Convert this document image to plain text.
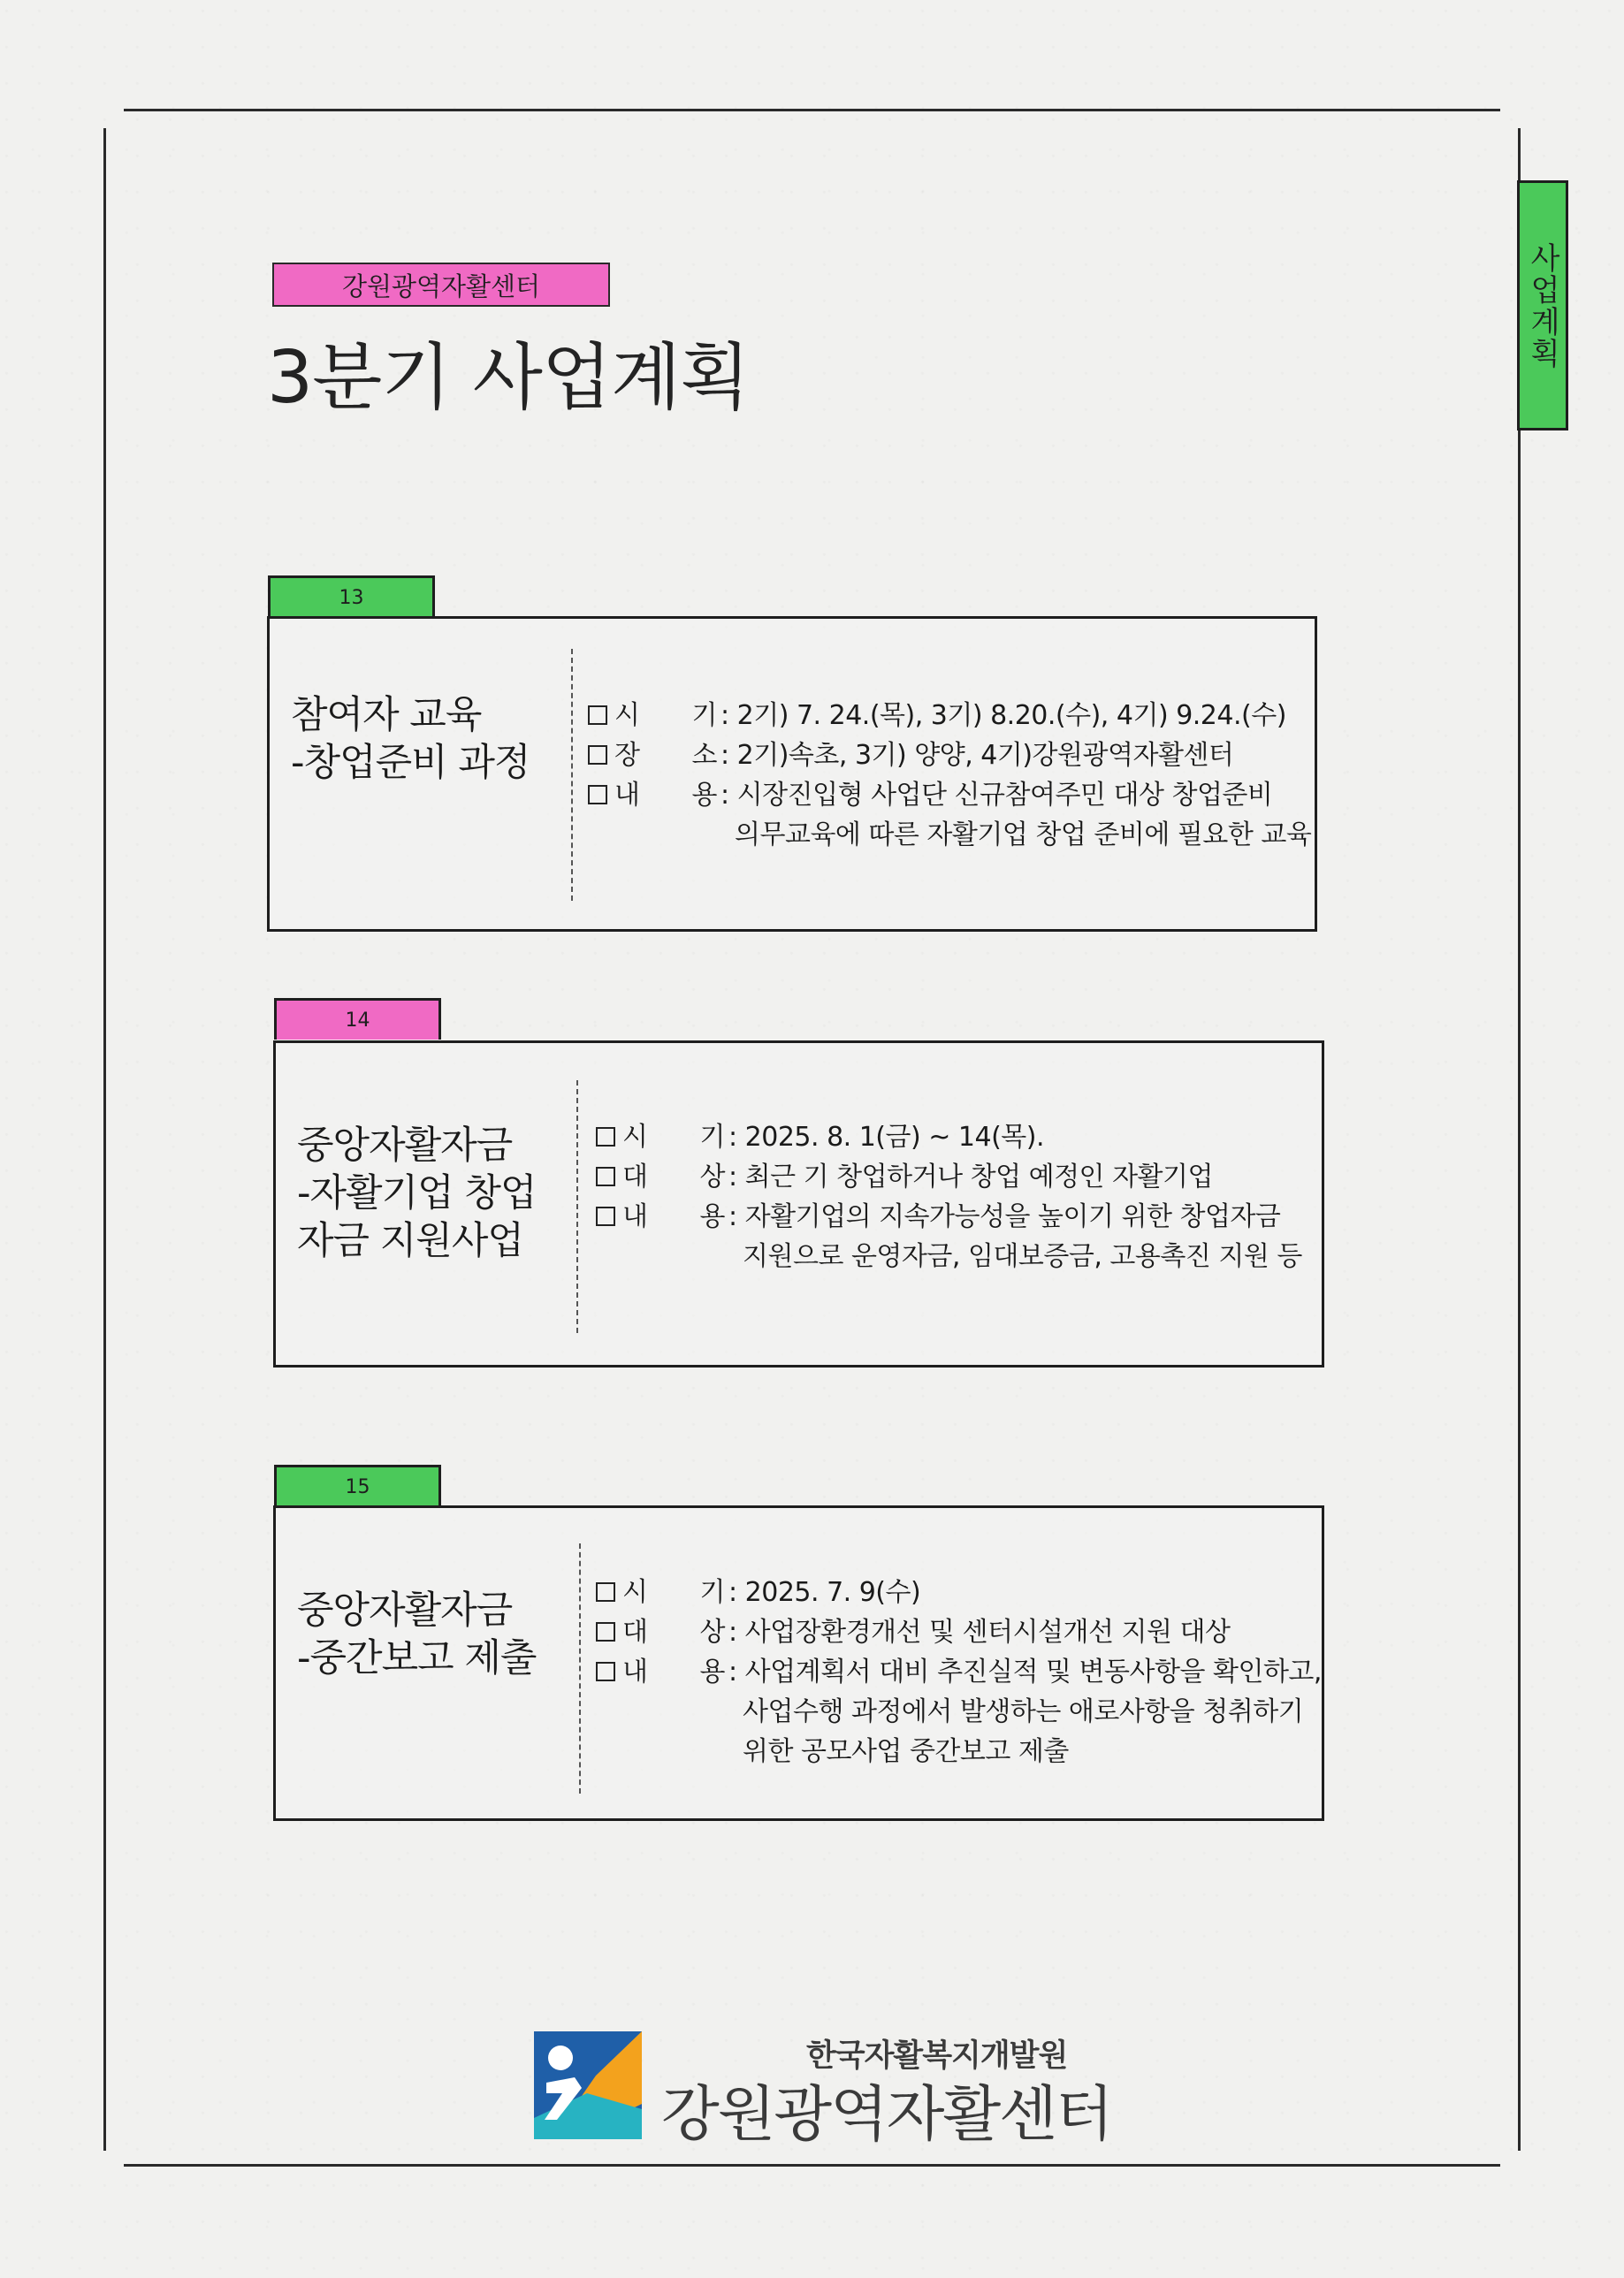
사업계획
강원광역자활센터
3분기 사업계획
13
참여자 교육
-창업준비 과정
시	기 : 2기) 7. 24.(목), 3기) 8.20.(수), 4기) 9.24.(수)
장	소 : 2기)속초, 3기) 양양, 4기)강원광역자활센터
내	용 : 시장진입형 사업단 신규참여주민 대상 창업준비
의무교육에 따른 자활기업 창업 준비에 필요한 교육
14
중앙자활자금
-자활기업 창업
자금 지원사업
시	기 : 2025. 8. 1(금) ~ 14(목).
대	상 : 최근 기 창업하거나 창업 예정인 자활기업
내	용 : 자활기업의 지속가능성을 높이기 위한 창업자금
지원으로 운영자금, 임대보증금, 고용촉진 지원 등
15
중앙자활자금
-중간보고 제출
시	기 : 2025. 7. 9(수)
대	상 : 사업장환경개선 및 센터시설개선 지원 대상
내	용 : 사업계획서 대비 추진실적 및 변동사항을 확인하고,
사업수행 과정에서 발생하는 애로사항을 청취하기
위한 공모사업 중간보고 제출
한국자활복지개발원
강원광역자활센터
